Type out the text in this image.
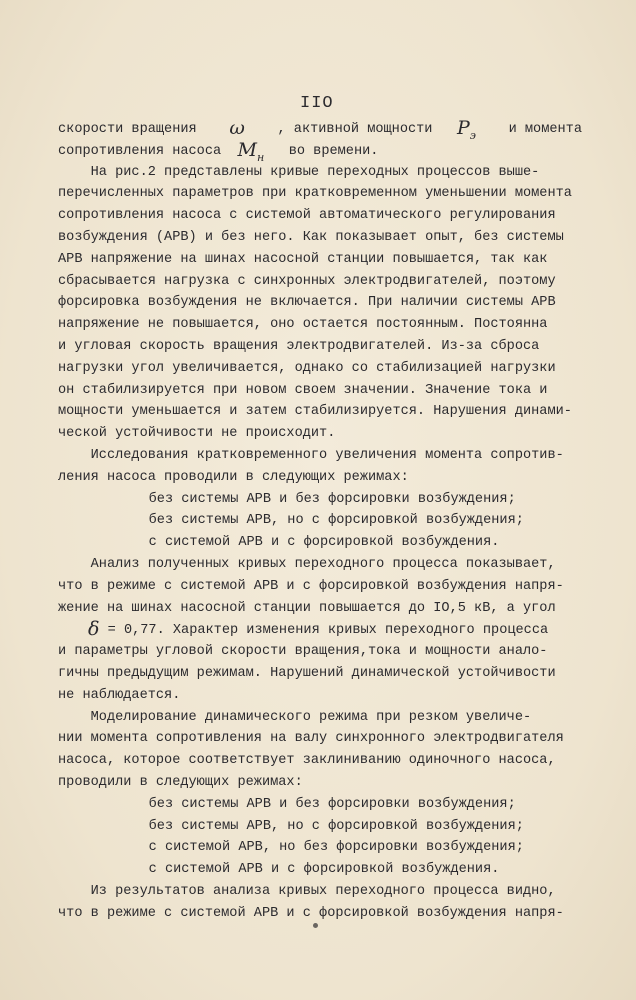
IIO
скорости вращения ω , активной мощности $Р_э$ и момента
сопротивления насоса $М_н$ во времени.
На рис.2 представлены кривые переходных процессов выше-
перечисленных параметров при кратковременном уменьшении момента
сопротивления насоса с системой автоматического регулирования
возбуждения (АРВ) и без него. Как показывает опыт, без системы
АРВ напряжение на шинах насосной станции повышается, так как
сбрасывается нагрузка с синхронных электродвигателей, поэтому
форсировка возбуждения не включается. При наличии системы АРВ
напряжение не повышается, оно остается постоянным. Постоянна
и угловая скорость вращения электродвигателей. Из-за сброса
нагрузки угол увеличивается, однако со стабилизацией нагрузки
он стабилизируется при новом своем значении. Значение тока и
мощности уменьшается и затем стабилизируется. Нарушения динами-
ческой устойчивости не происходит.
Исследования кратковременного увеличения момента сопротив-
ления насоса проводили в следующих режимах:
без системы АРВ и без форсировки возбуждения;
без системы АРВ, но с форсировкой возбуждения;
с системой АРВ и с форсировкой возбуждения.
Анализ полученных кривых переходного процесса показывает,
что в режиме с системой АРВ и с форсировкой возбуждения напря-
жение на шинах насосной станции повышается до IO,5 кВ, а угол
δ = 0,77. Характер изменения кривых переходного процесса
и параметры угловой скорости вращения,тока и мощности анало-
гичны предыдущим режимам. Нарушений динамической устойчивости
не наблюдается.
Моделирование динамического режима при резком увеличе-
нии момента сопротивления на валу синхронного электродвигателя
насоса, которое соответствует заклиниванию одиночного насоса,
проводили в следующих режимах:
без системы АРВ и без форсировки возбуждения;
без системы АРВ, но с форсировкой возбуждения;
с системой АРВ, но без форсировки возбуждения;
с системой АРВ и с форсировкой возбуждения.
Из результатов анализа кривых переходного процесса видно,
что в режиме с системой АРВ и с форсировкой возбуждения напря-
